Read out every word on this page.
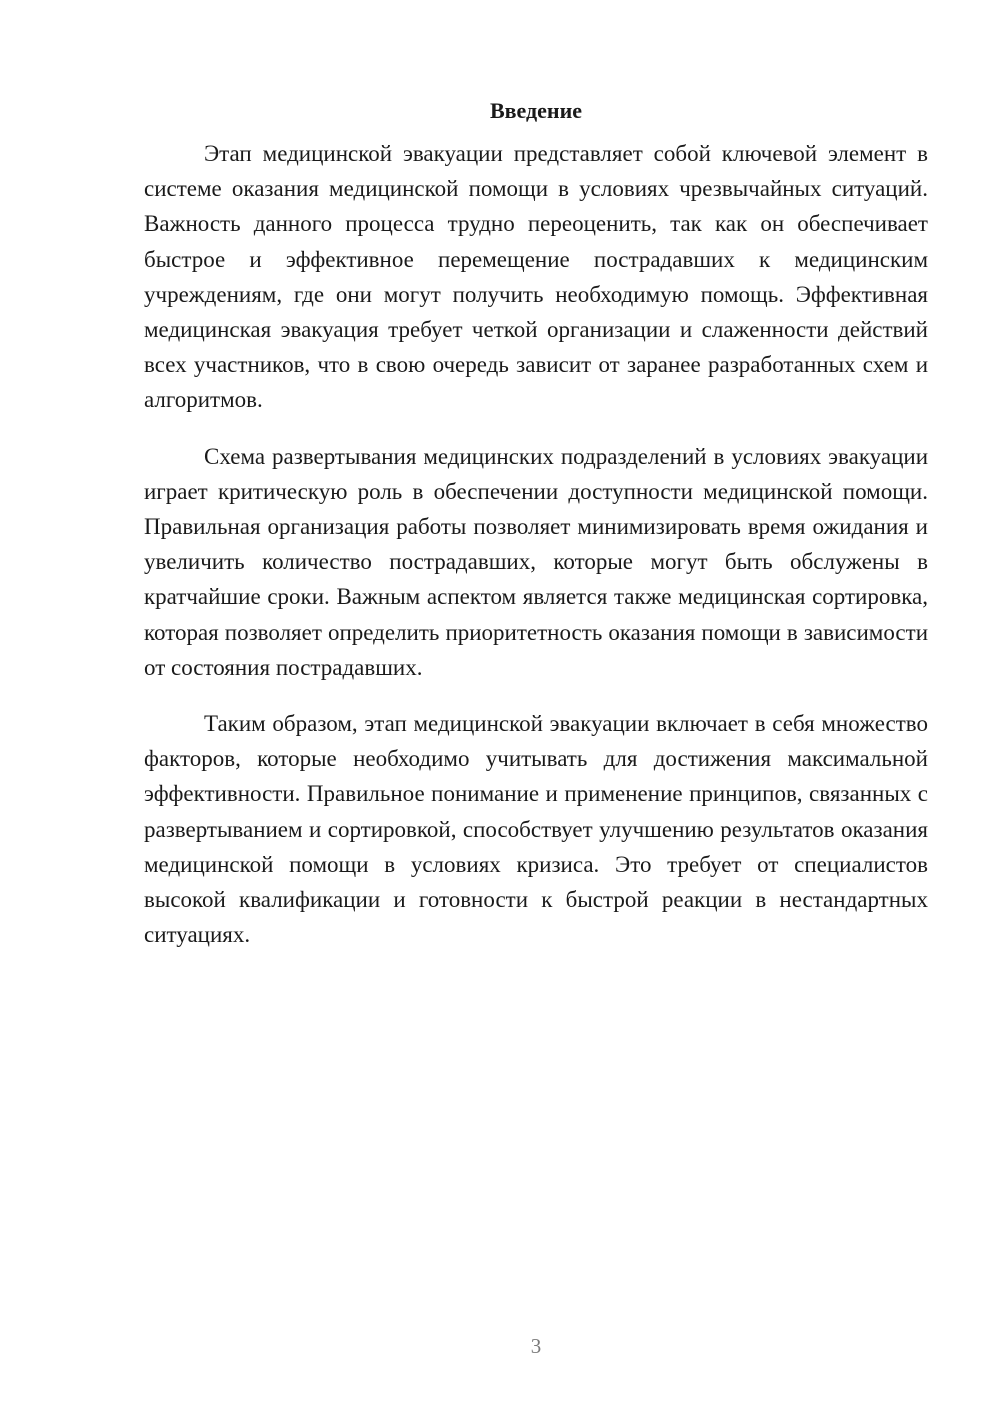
Введение

Этап медицинской эвакуации представляет собой ключевой элемент в системе оказания медицинской помощи в условиях чрезвычайных ситуаций. Важность данного процесса трудно переоценить, так как он обеспечивает быстрое и эффективное перемещение пострадавших к медицинским учреждениям, где они могут получить необходимую помощь. Эффективная медицинская эвакуация требует четкой организации и слаженности действий всех участников, что в свою очередь зависит от заранее разработанных схем и алгоритмов.

Схема развертывания медицинских подразделений в условиях эвакуации играет критическую роль в обеспечении доступности медицинской помощи. Правильная организация работы позволяет минимизировать время ожидания и увеличить количество пострадавших, которые могут быть обслужены в кратчайшие сроки. Важным аспектом является также медицинская сортировка, которая позволяет определить приоритетность оказания помощи в зависимости от состояния пострадавших.

Таким образом, этап медицинской эвакуации включает в себя множество факторов, которые необходимо учитывать для достижения максимальной эффективности. Правильное понимание и применение принципов, связанных с развертыванием и сортировкой, способствует улучшению результатов оказания медицинской помощи в условиях кризиса. Это требует от специалистов высокой квалификации и готовности к быстрой реакции в нестандартных ситуациях.

3
